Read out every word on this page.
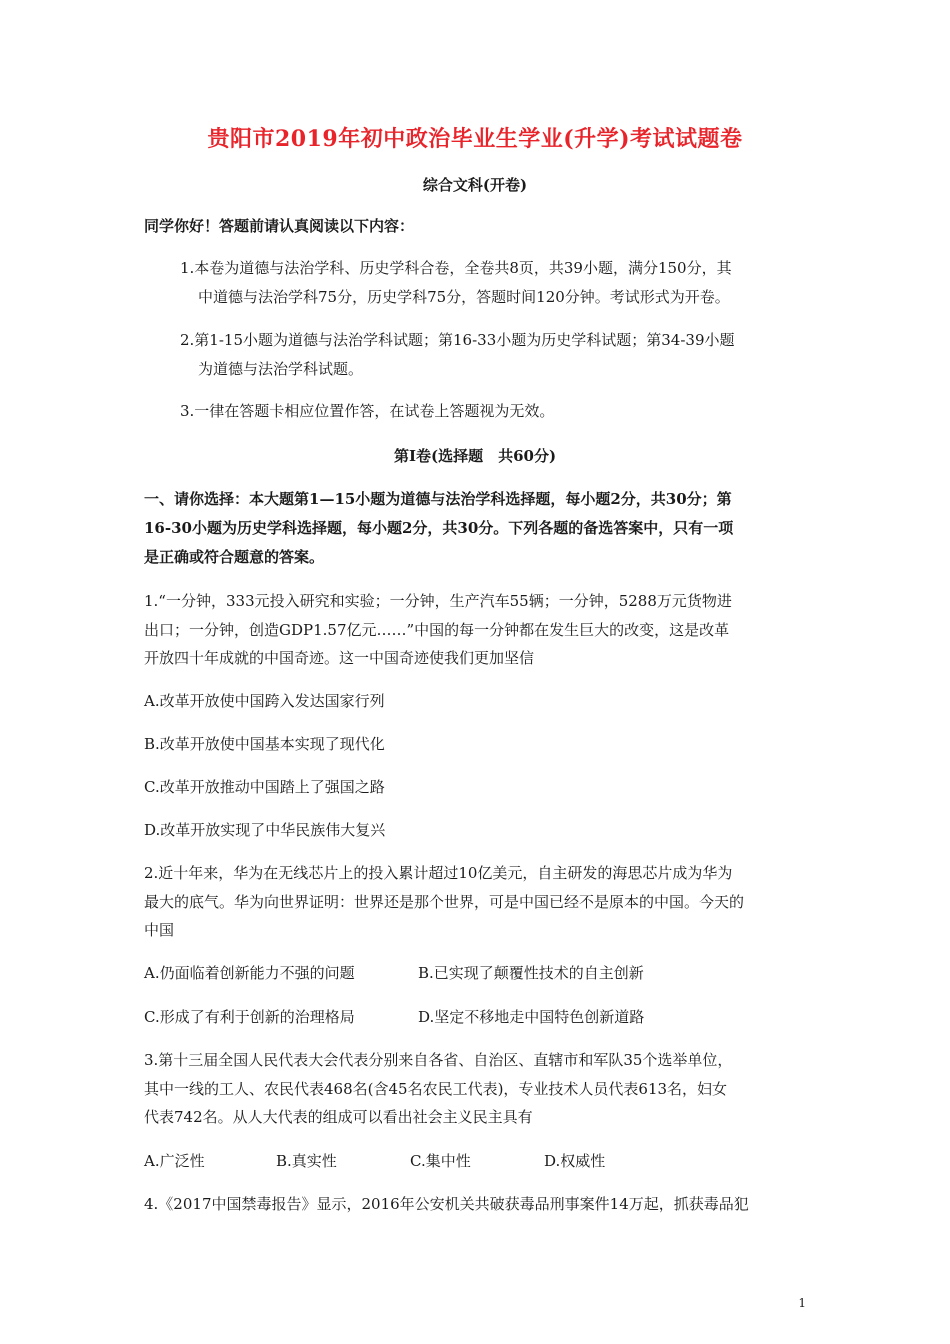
贵阳市2019年初中政治毕业生学业(升学)考试试题卷
综合文科(开卷)
同学你好！答题前请认真阅读以下内容：
1.本卷为道德与法治学科、历史学科合卷，全卷共8页，共39小题，满分150分，其
中道德与法治学科75分，历史学科75分，答题时间120分钟。考试形式为开卷。
2.第1-15小题为道德与法治学科试题；第16-33小题为历史学科试题；第34-39小题
为道德与法治学科试题。
3.一律在答题卡相应位置作答，在试卷上答题视为无效。
第Ⅰ卷(选择题　共60分)
一、请你选择：本大题第1—15小题为道德与法治学科选择题，每小题2分，共30分；第
16-30小题为历史学科选择题，每小题2分，共30分。下列各题的备选答案中，只有一项
是正确或符合题意的答案。
1.“一分钟，333元投入研究和实验；一分钟，生产汽车55辆；一分钟，5288万元货物进
出口；一分钟，创造GDP1.57亿元……”中国的每一分钟都在发生巨大的改变，这是改革
开放四十年成就的中国奇迹。这一中国奇迹使我们更加坚信
A.改革开放使中国跨入发达国家行列
B.改革开放使中国基本实现了现代化
C.改革开放推动中国踏上了强国之路
D.改革开放实现了中华民族伟大复兴
2.近十年来，华为在无线芯片上的投入累计超过10亿美元，自主研发的海思芯片成为华为
最大的底气。华为向世界证明：世界还是那个世界，可是中国已经不是原本的中国。今天的
中国
A.仍面临着创新能力不强的问题	B.已实现了颠覆性技术的自主创新
C.形成了有利于创新的治理格局	D.坚定不移地走中国特色创新道路
3.第十三届全国人民代表大会代表分别来自各省、自治区、直辖市和军队35个选举单位，
其中一线的工人、农民代表468名(含45名农民工代表)，专业技术人员代表613名，妇女
代表742名。从人大代表的组成可以看出社会主义民主具有
A.广泛性	B.真实性	C.集中性	D.权威性
4.《2017中国禁毒报告》显示，2016年公安机关共破获毒品刑事案件14万起，抓获毒品犯
1
